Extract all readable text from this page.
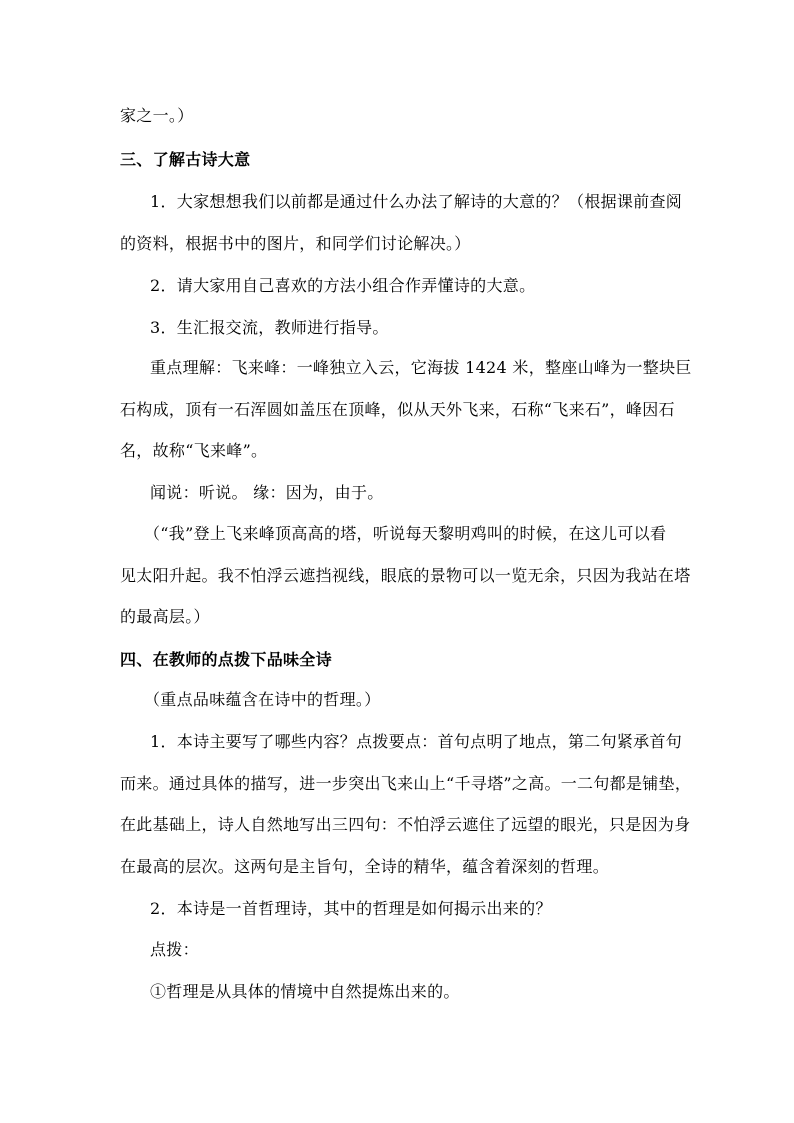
家之一。）
三、了解古诗大意
1．大家想想我们以前都是通过什么办法了解诗的大意的？（根据课前查阅
的资料，根据书中的图片，和同学们讨论解决。）
2．请大家用自己喜欢的方法小组合作弄懂诗的大意。
3．生汇报交流，教师进行指导。
重点理解：飞来峰：一峰独立入云，它海拔 1424 米，整座山峰为一整块巨
石构成，顶有一石浑圆如盖压在顶峰，似从天外飞来，石称“飞来石”，峰因石
名，故称“飞来峰”。
闻说：听说。 缘：因为，由于。
（“我”登上飞来峰顶高高的塔，听说每天黎明鸡叫的时候，在这儿可以看
见太阳升起。我不怕浮云遮挡视线，眼底的景物可以一览无余，只因为我站在塔
的最高层。）
四、在教师的点拨下品味全诗
（重点品味蕴含在诗中的哲理。）
1．本诗主要写了哪些内容？点拨要点：首句点明了地点，第二句紧承首句
而来。通过具体的描写，进一步突出飞来山上“千寻塔”之高。一二句都是铺垫，
在此基础上，诗人自然地写出三四句：不怕浮云遮住了远望的眼光，只是因为身
在最高的层次。这两句是主旨句，全诗的精华，蕴含着深刻的哲理。
2．本诗是一首哲理诗，其中的哲理是如何揭示出来的？
点拨：
①哲理是从具体的情境中自然提炼出来的。
